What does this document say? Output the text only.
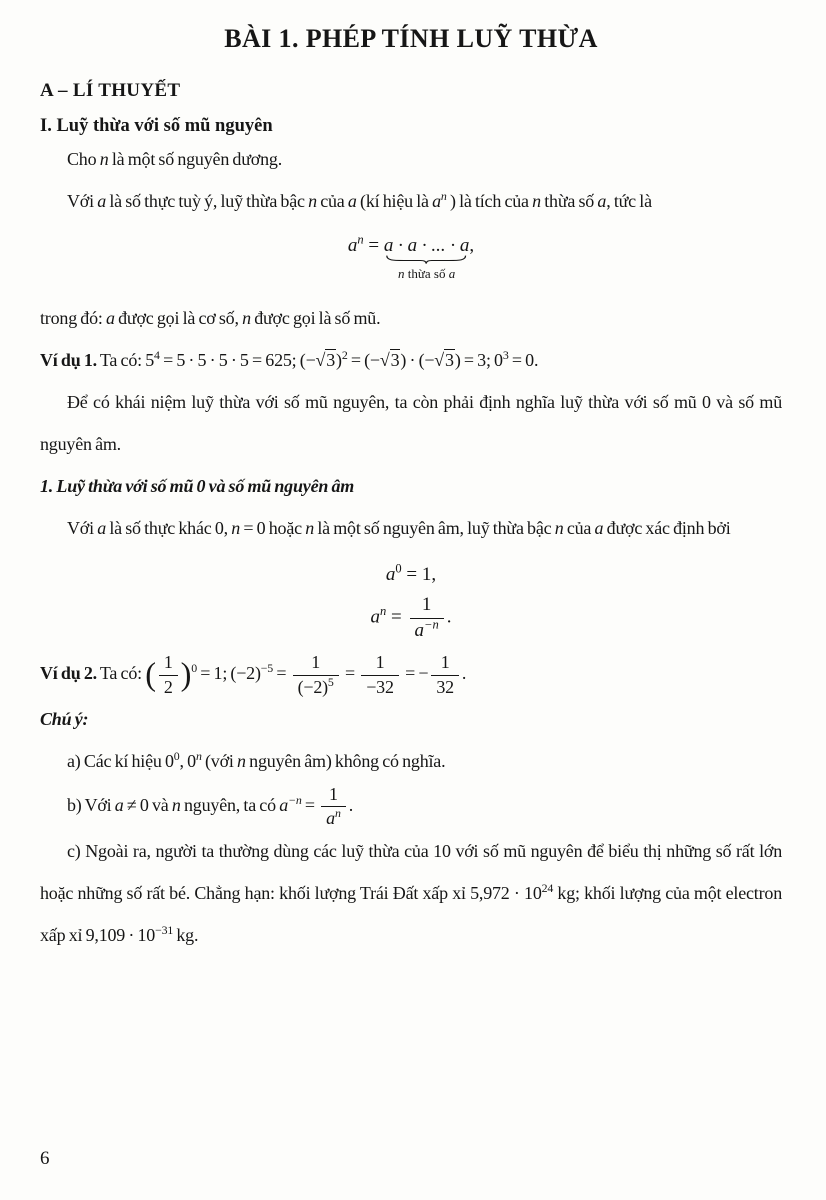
BÀI 1. PHÉP TÍNH LUỸ THỪA
A – LÍ THUYẾT
I. Luỹ thừa với số mũ nguyên

Cho n là một số nguyên dương.

Với a là số thực tuỳ ý, luỹ thừa bậc n của a (kí hiệu là $a^n$ ) là tích của n thừa số a, tức là

$a^n = a \cdot a$ · ... · a
n thừa số a
,

trong đó: a được gọi là cơ số, n được gọi là số mũ.

Ví dụ 1. Ta có: $5^4 = 5 \cdot 5 \cdot 5 \cdot 5 = 625$; $(-√3)^2 = (-√3) \cdot (-√3) = 3$; $0^3 = 0$.

Để có khái niệm luỹ thừa với số mũ nguyên, ta còn phải định nghĩa luỹ thừa với số mũ 0 và số mũ nguyên âm.

1. Luỹ thừa với số mũ 0 và số mũ nguyên âm

Với a là số thực khác 0, n = 0 hoặc n là một số nguyên âm, luỹ thừa bậc n của a được xác định bởi

$a^0 = 1$,
$a^n = \frac{1}{a^{-n}}$ .

Ví dụ 2. Ta có: ( $\frac{1}{2} )^0 = 1$; $(-2)^{-5} = \frac{1}{(-2)^5} = \frac{1}{-32}$ = − $\frac{1}{32}$ .

Chú ý:

a) Các kí hiệu $0^0$, 0$^n$ (với n nguyên âm) không có nghĩa.

b) Với a ≠ 0 và n nguyên, ta có $a^{-n} = \frac{1}{a^n}$ .

c) Ngoài ra, người ta thường dùng các luỹ thừa của 10 với số mũ nguyên để biểu thị những số rất lớn hoặc những số rất bé. Chẳng hạn: khối lượng Trái Đất xấp xỉ $5,972 \cdot 10^{24}$ kg; khối lượng của một electron xấp xỉ $9,109 \cdot 10^{-31}$ kg.

6
